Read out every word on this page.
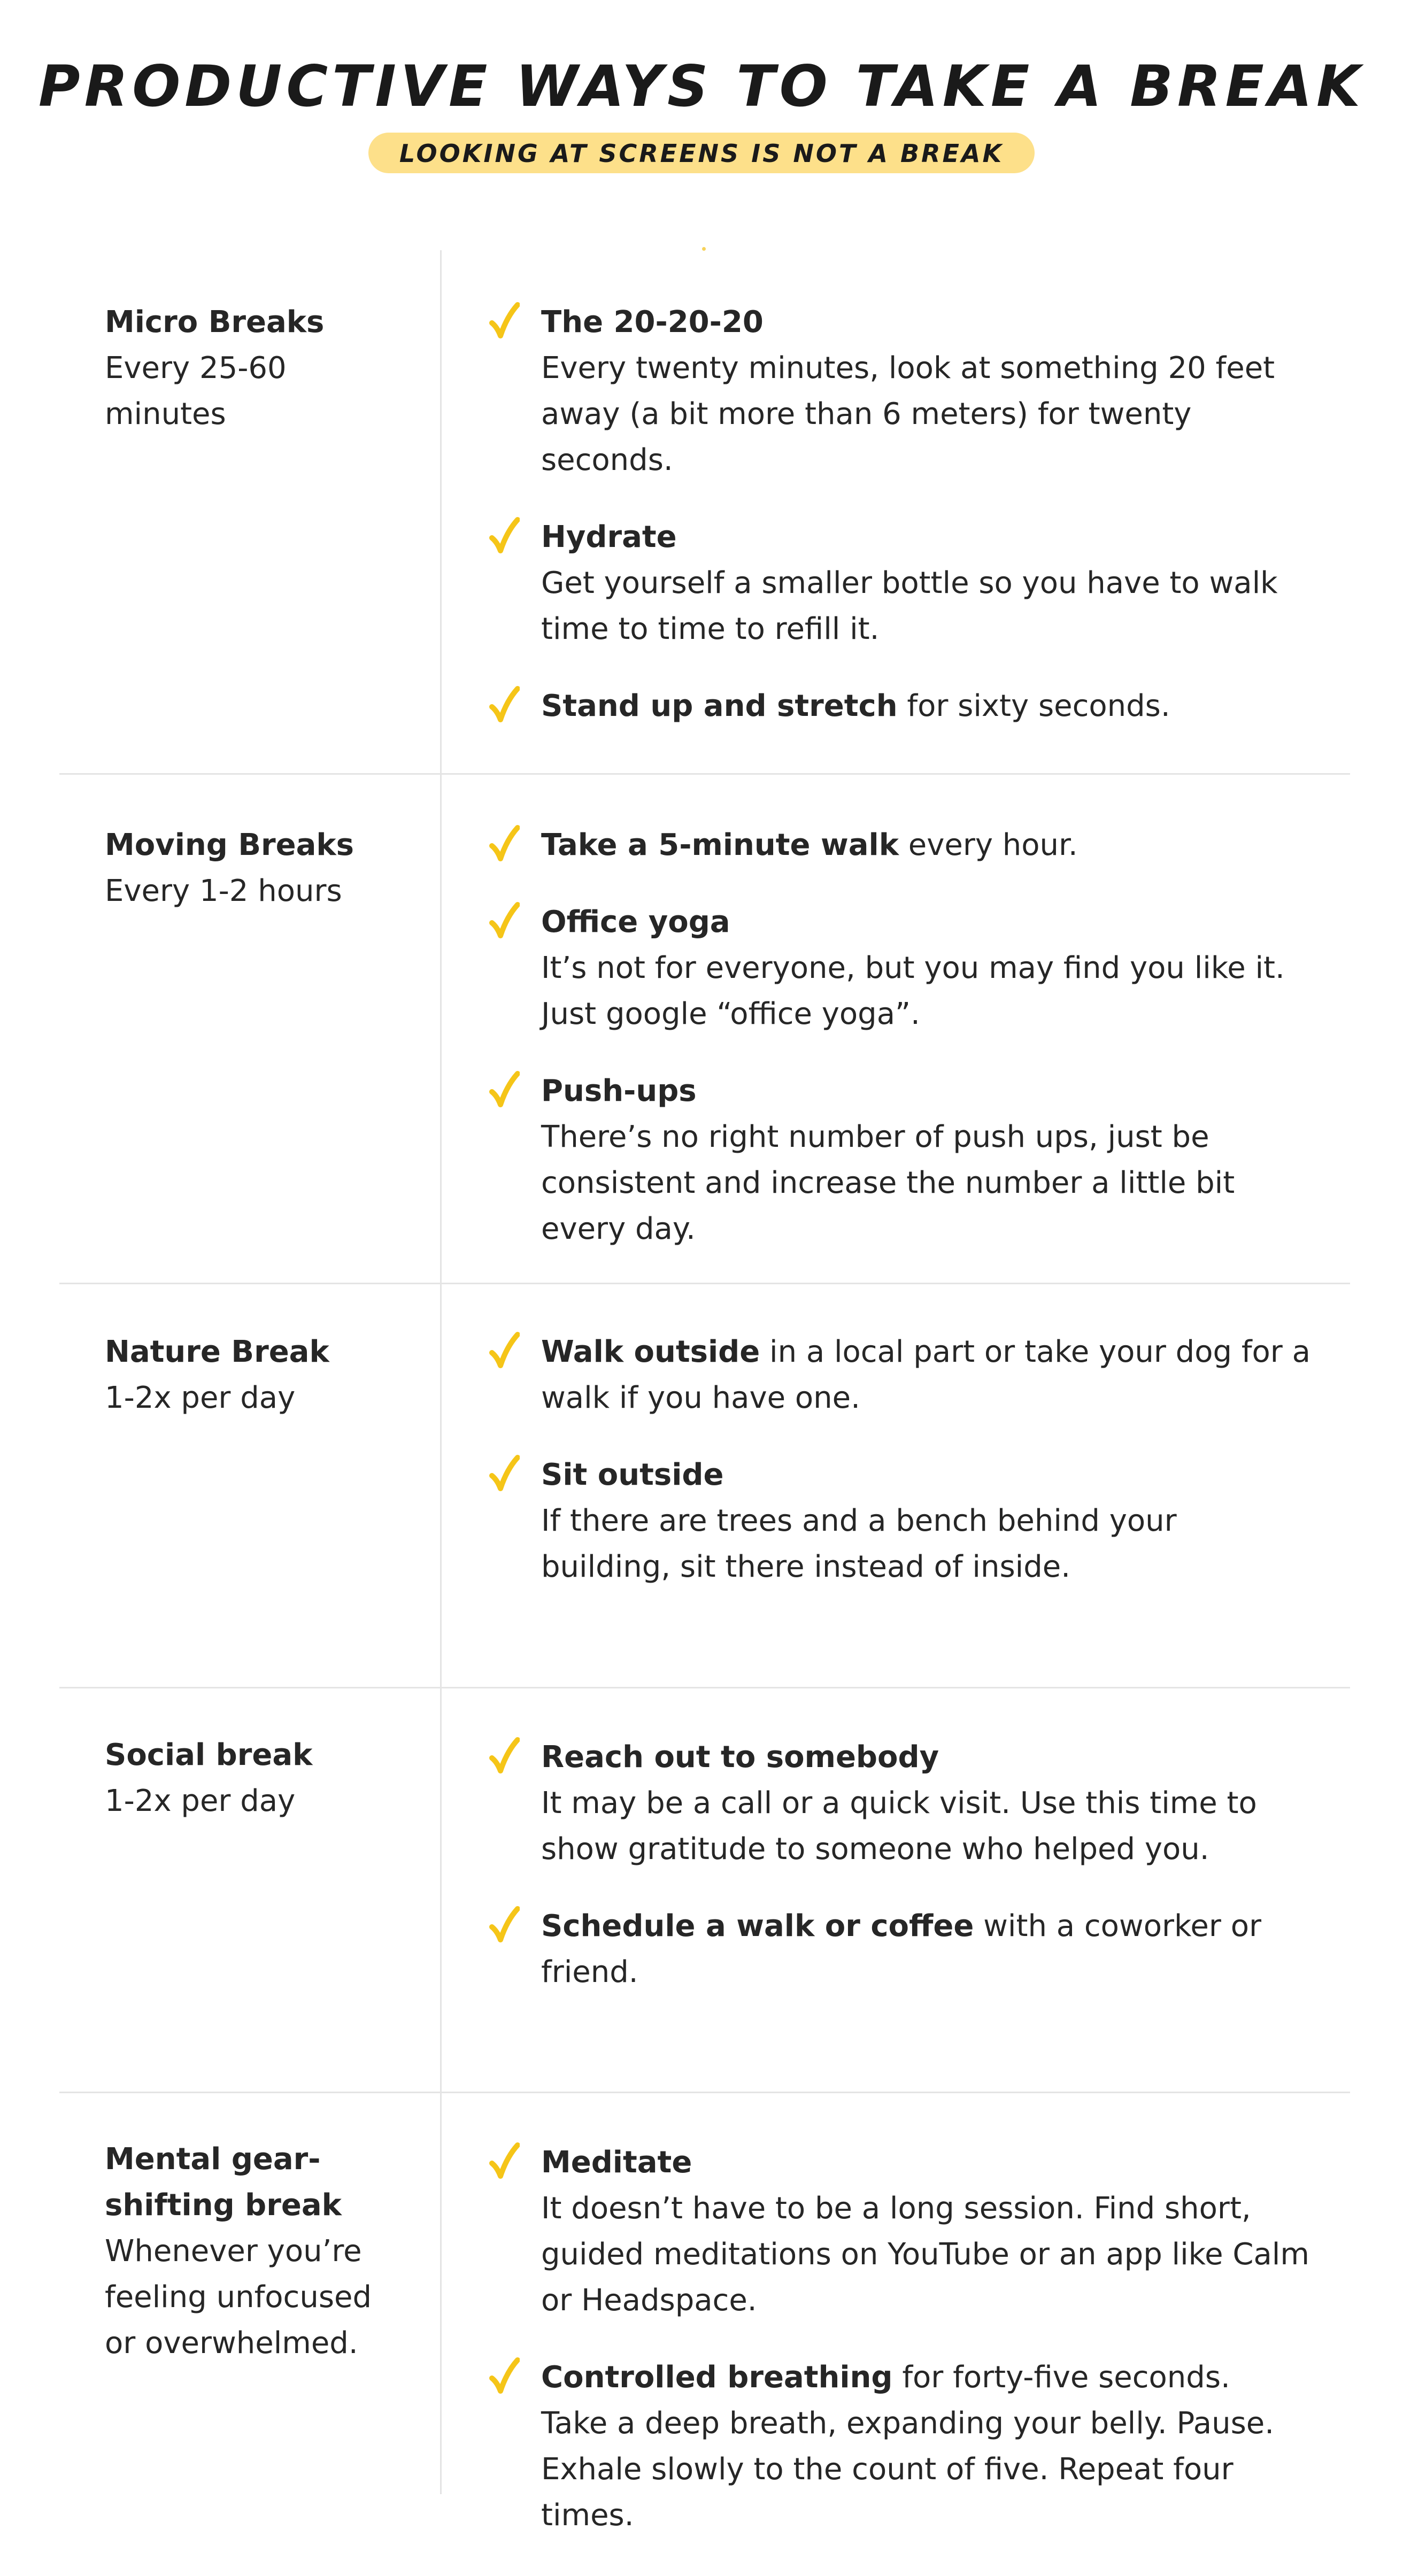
PRODUCTIVE WAYS TO TAKE A BREAK
LOOKING AT SCREENS IS NOT A BREAK
Micro Breaks
Every 25-60 minutes
The 20-20-20
Every twenty minutes, look at something 20 feet away (a bit more than 6 meters) for twenty seconds.
Hydrate
Get yourself a smaller bottle so you have to walk time to time to refill it.
Stand up and stretch for sixty seconds.
Moving Breaks
Every 1-2 hours
Take a 5-minute walk every hour.
Office yoga
It’s not for everyone, but you may find you like it. Just google “office yoga”.
Push-ups
There’s no right number of push ups, just be consistent and increase the number a little bit every day.
Nature Break
1-2x per day
Walk outside in a local part or take your dog for a walk if you have one.
Sit outside
If there are trees and a bench behind your building, sit there instead of inside.
Social break
1-2x per day
Reach out to somebody
It may be a call or a quick visit. Use this time to show gratitude to someone who helped you.
Schedule a walk or coffee with a coworker or friend.
Mental gear-shifting break
Whenever you’re feeling unfocused or overwhelmed.
Meditate
It doesn’t have to be a long session. Find short, guided meditations on YouTube or an app like Calm or Headspace.
Controlled breathing for forty-five seconds.
Take a deep breath, expanding your belly. Pause. Exhale slowly to the count of five. Repeat four times.
